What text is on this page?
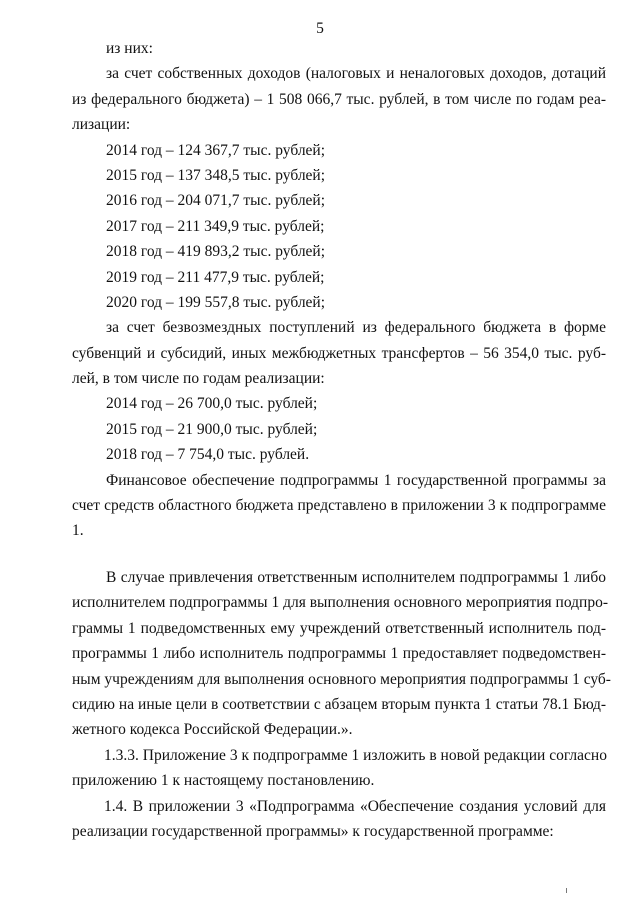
5
из них:
за счет собственных доходов (налоговых и неналоговых доходов, дотаций
из федерального бюджета) – 1 508 066,7 тыс. рублей, в том числе по годам реа-
лизации:
2014 год – 124 367,7 тыс. рублей;
2015 год – 137 348,5 тыс. рублей;
2016 год – 204 071,7 тыс. рублей;
2017 год – 211 349,9 тыс. рублей;
2018 год – 419 893,2 тыс. рублей;
2019 год – 211 477,9 тыс. рублей;
2020 год – 199 557,8 тыс. рублей;
за счет безвозмездных поступлений из федерального бюджета в форме
субвенций и субсидий, иных межбюджетных трансфертов – 56 354,0 тыс. руб-
лей, в том числе по годам реализации:
2014 год – 26 700,0 тыс. рублей;
2015 год – 21 900,0 тыс. рублей;
2018 год – 7 754,0 тыс. рублей.
Финансовое обеспечение подпрограммы 1 государственной программы за
счет средств областного бюджета представлено в приложении 3 к подпрограмме
1.
В случае привлечения ответственным исполнителем подпрограммы 1 либо
исполнителем подпрограммы 1 для выполнения основного мероприятия подпро-
граммы 1 подведомственных ему учреждений ответственный исполнитель под-
программы 1 либо исполнитель подпрограммы 1 предоставляет подведомствен-
ным учреждениям для выполнения основного мероприятия подпрограммы 1 суб-
сидию на иные цели в соответствии с абзацем вторым пункта 1 статьи 78.1 Бюд-
жетного кодекса Российской Федерации.».
1.3.3. Приложение 3 к подпрограмме 1 изложить в новой редакции согласно
приложению 1 к настоящему постановлению.
1.4. В приложении 3 «Подпрограмма «Обеспечение создания условий для
реализации государственной программы» к государственной программе:
